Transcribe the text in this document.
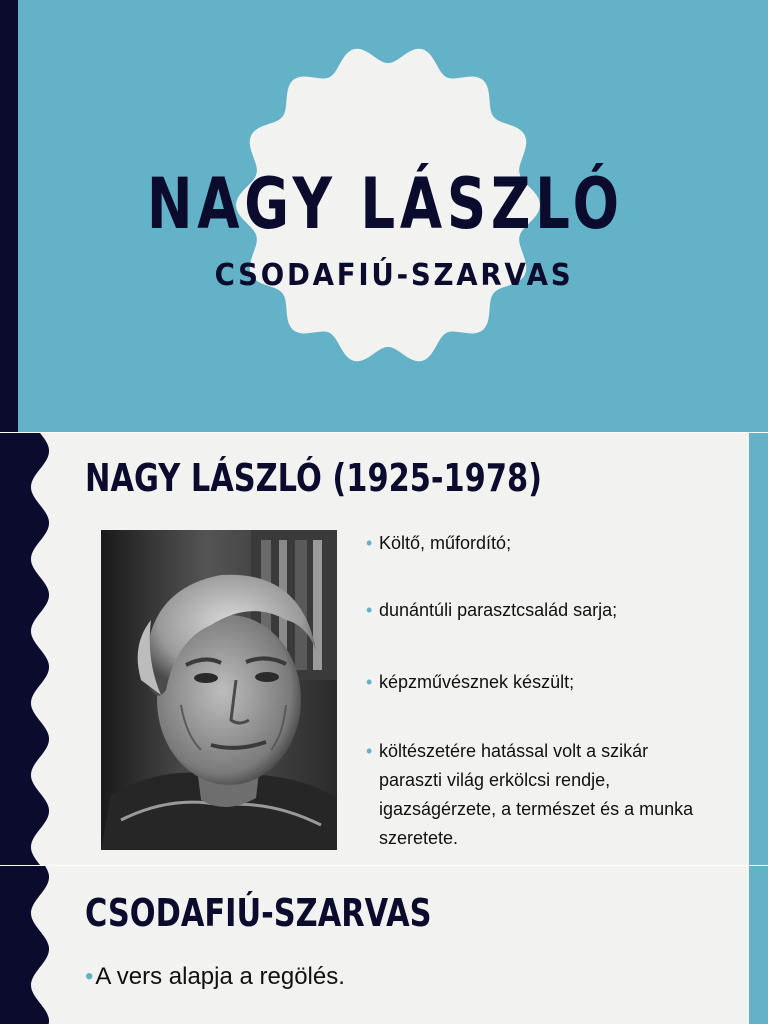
NAGY LÁSZLÓ
CSODAFIÚ-SZARVAS
NAGY LÁSZLÓ (1925-1978)
• Költő, műfordító;
• dunántúli parasztcsalád sarja;
• képzművésznek készült;
• költészetére hatással volt a szikár paraszti világ erkölcsi rendje, igazságérzete, a természet és a munka szeretete.
CSODAFIÚ-SZARVAS
•A vers alapja a regölés.
